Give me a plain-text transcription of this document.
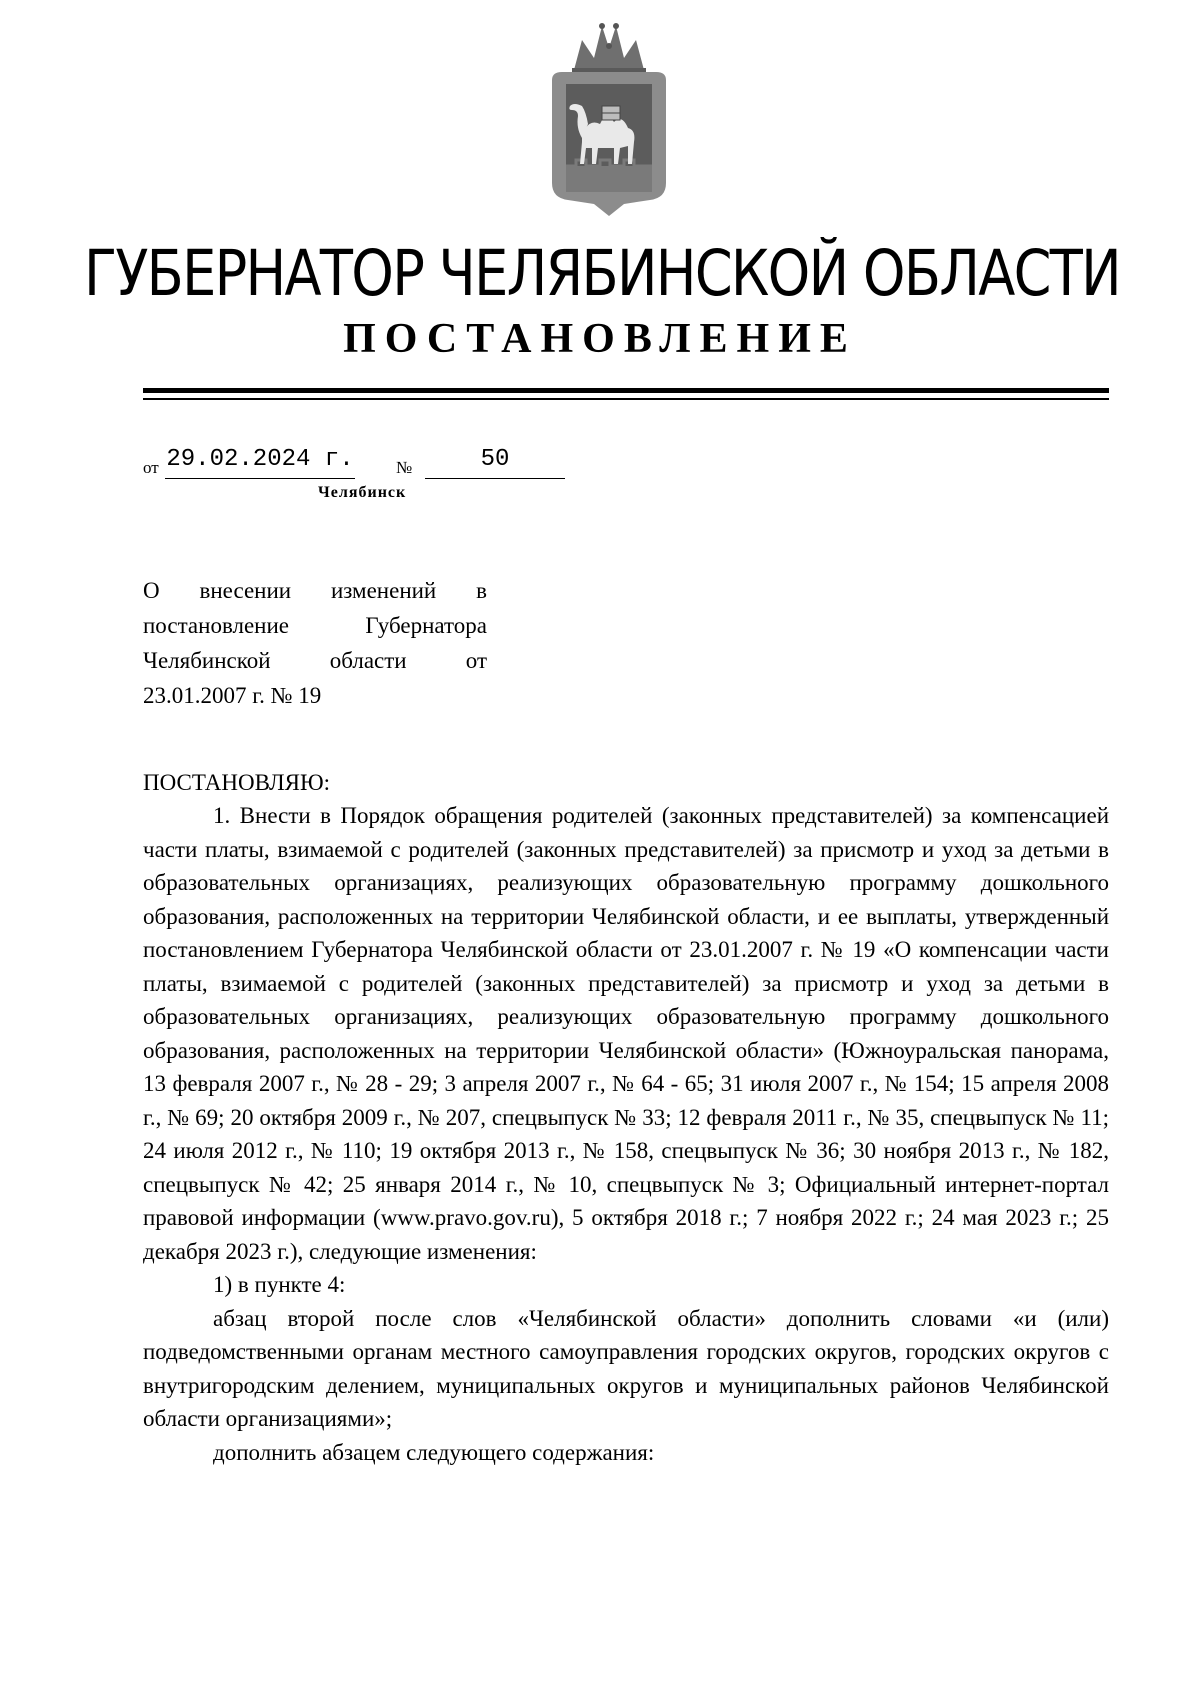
ГУБЕРНАТОР ЧЕЛЯБИНСКОЙ ОБЛАСТИ
ПОСТАНОВЛЕНИЕ
от 29.02.2024 г. №	50
Челябинск
О внесении изменений в постановление Губернатора Челябинской области от 23.01.2007 г. № 19
ПОСТАНОВЛЯЮ:

1. Внести в Порядок обращения родителей (законных представителей) за компенсацией части платы, взимаемой с родителей (законных представителей) за присмотр и уход за детьми в образовательных организациях, реализующих образовательную программу дошкольного образования, расположенных на территории Челябинской области, и ее выплаты, утвержденный постановлением Губернатора Челябинской области от 23.01.2007 г. № 19 «О компенсации части платы, взимаемой с родителей (законных представителей) за присмотр и уход за детьми в образовательных организациях, реализующих образовательную программу дошкольного образования, расположенных на территории Челябинской области» (Южноуральская панорама, 13 февраля 2007 г., № 28 - 29; 3 апреля 2007 г., № 64 - 65; 31 июля 2007 г., № 154; 15 апреля 2008 г., № 69; 20 октября 2009 г., № 207, спецвыпуск № 33; 12 февраля 2011 г., № 35, спецвыпуск № 11; 24 июля 2012 г., № 110; 19 октября 2013 г., № 158, спецвыпуск № 36; 30 ноября 2013 г., № 182, спецвыпуск № 42; 25 января 2014 г., № 10, спецвыпуск № 3; Официальный интернет-портал правовой информации (www.pravo.gov.ru), 5 октября 2018 г.; 7 ноября 2022 г.; 24 мая 2023 г.; 25 декабря 2023 г.), следующие изменения:

1) в пункте 4:

абзац второй после слов «Челябинской области» дополнить словами «и (или) подведомственными органам местного самоуправления городских округов, городских округов с внутригородским делением, муниципальных округов и муниципальных районов Челябинской области организациями»;

дополнить абзацем следующего содержания:
